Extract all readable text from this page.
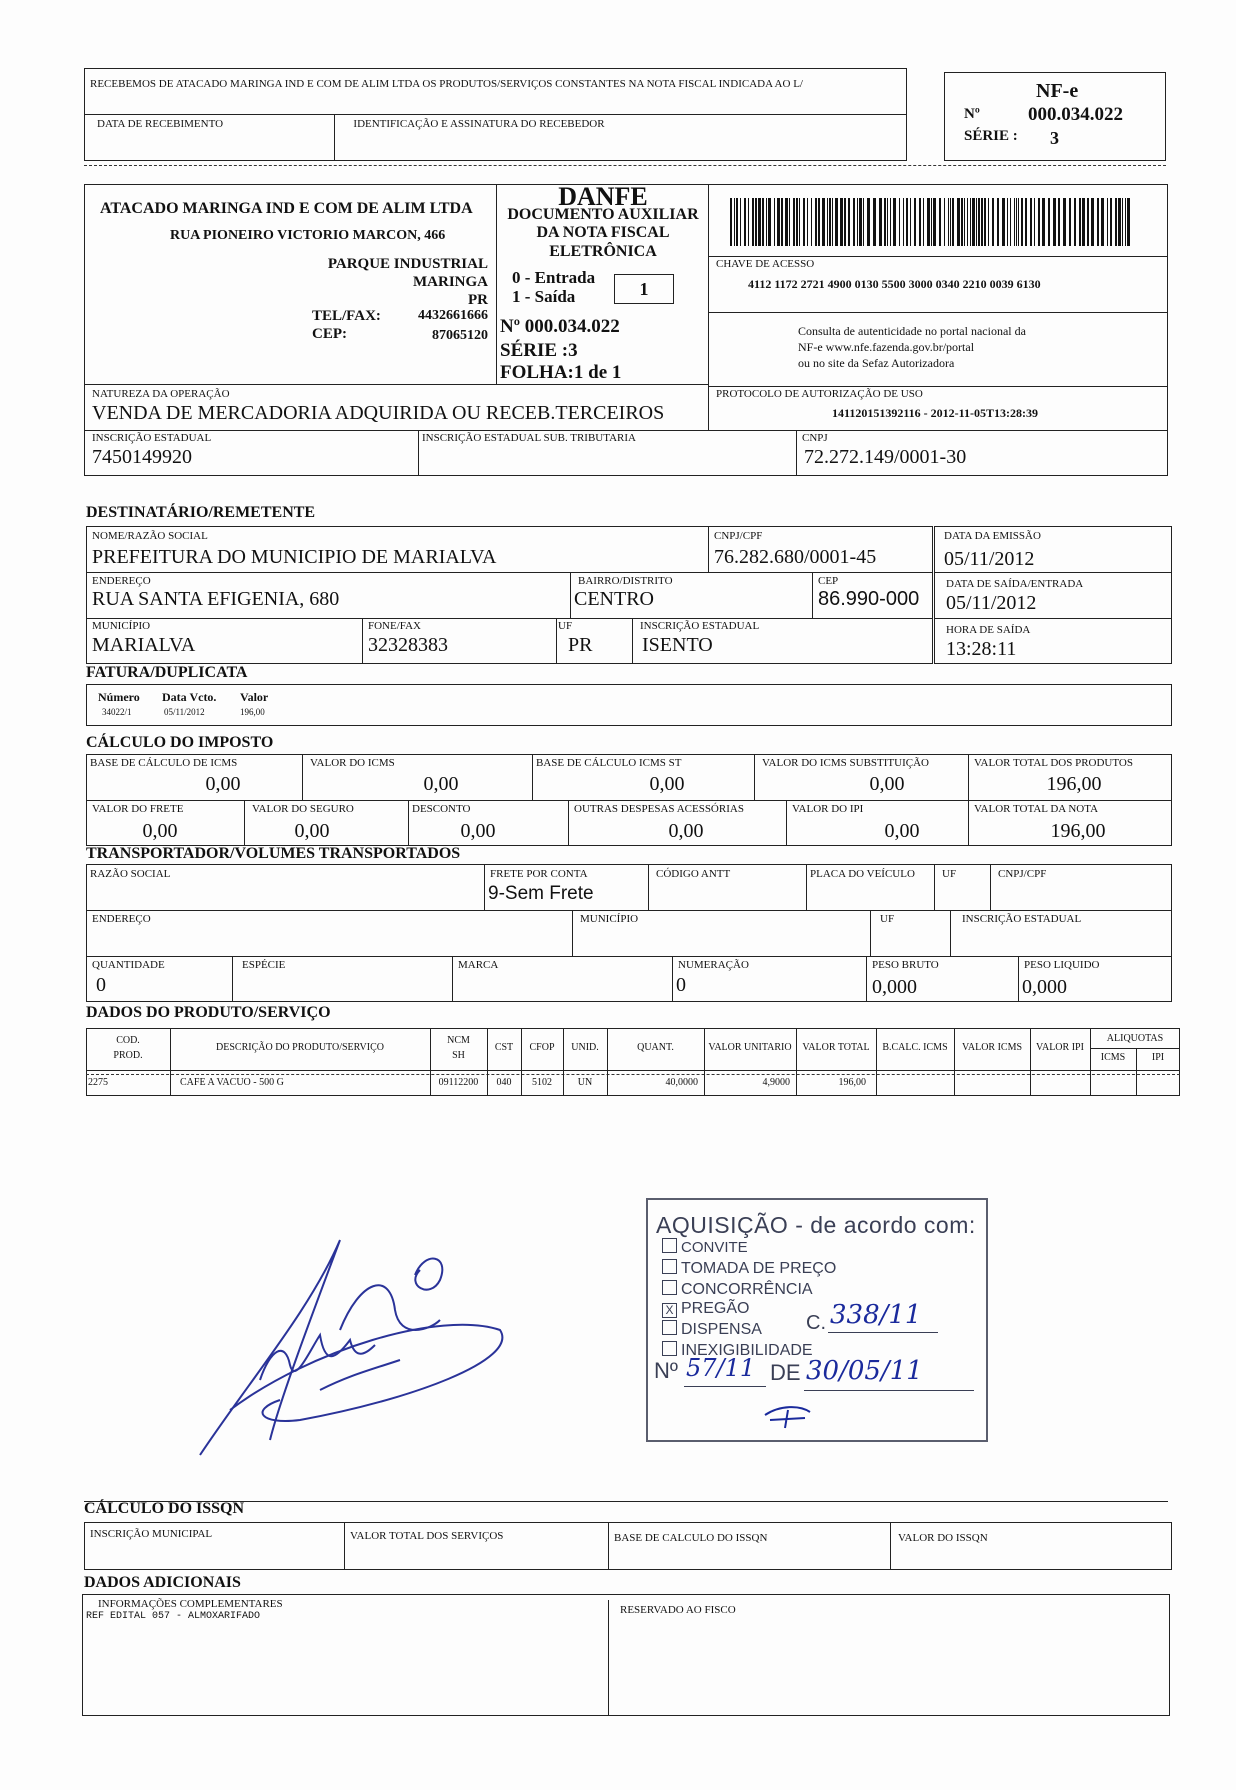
RECEBEMOS DE ATACADO MARINGA IND E COM DE ALIM LTDA OS PRODUTOS/SERVIÇOS CONSTANTES NA NOTA FISCAL INDICADA AO L/
DATA DE RECEBIMENTO	IDENTIFICAÇÃO E ASSINATURA DO RECEBEDOR
NF-e
Nº	000.034.022
SÉRIE : 3
ATACADO MARINGA IND E COM DE ALIM LTDA
RUA PIONEIRO VICTORIO MARCON, 466
PARQUE INDUSTRIAL
MARINGA
PR
TEL/FAX:	4432661666
CEP:	87065120
DANFE
DOCUMENTO AUXILIAR
DA NOTA FISCAL
ELETRÔNICA
0 - Entrada
1 - Saída	1
Nº 000.034.022
SÉRIE :3
FOLHA:1 de 1
CHAVE DE ACESSO
4112 1172 2721 4900 0130 5500 3000 0340 2210 0039 6130
Consulta de autenticidade no portal nacional da
NF-e www.nfe.fazenda.gov.br/portal
ou no site da Sefaz Autorizadora
PROTOCOLO DE AUTORIZAÇÃO DE USO
141120151392116 - 2012-11-05T13:28:39
NATUREZA DA OPERAÇÃO
VENDA DE MERCADORIA ADQUIRIDA OU RECEB.TERCEIROS
INSCRIÇÃO ESTADUAL
7450149920
INSCRIÇÃO ESTADUAL SUB. TRIBUTARIA	CNPJ
72.272.149/0001-30
DESTINATÁRIO/REMETENTE
NOME/RAZÃO SOCIAL
PREFEITURA DO MUNICIPIO DE MARIALVA
CNPJ/CPF
76.282.680/0001-45
DATA DA EMISSÃO
05/11/2012
ENDEREÇO
RUA SANTA EFIGENIA, 680
BAIRRO/DISTRITO
CENTRO
CEP
86.990-000
DATA DE SAÍDA/ENTRADA
05/11/2012
MUNICÍPIO
MARIALVA
FONE/FAX
32328383
UF
PR
INSCRIÇÃO ESTADUAL
ISENTO
HORA DE SAÍDA
13:28:11
FATURA/DUPLICATA
Número Data Vcto. Valor
34022/1	05/11/2012	196,00
CÁLCULO DO IMPOSTO
BASE DE CÁLCULO DE ICMS
0,00
VALOR DO ICMS
0,00
BASE DE CÁLCULO ICMS ST
0,00
VALOR DO ICMS SUBSTITUIÇÃO
0,00
VALOR TOTAL DOS PRODUTOS
196,00
VALOR DO FRETE
0,00
VALOR DO SEGURO
0,00
DESCONTO
0,00
OUTRAS DESPESAS ACESSÓRIAS
0,00
VALOR DO IPI
0,00
VALOR TOTAL DA NOTA
196,00
TRANSPORTADOR/VOLUMES TRANSPORTADOS
RAZÃO SOCIAL	FRETE POR CONTA
9-Sem Frete
CÓDIGO ANTT	PLACA DO VEÍCULO UF	CNPJ/CPF
ENDEREÇO	MUNICÍPIO	UF	INSCRIÇÃO ESTADUAL
QUANTIDADE
0
ESPÉCIE	MARCA	NUMERAÇÃO
0
PESO BRUTO
0,000
PESO LIQUIDO
0,000
DADOS DO PRODUTO/SERVIÇO
COD.
PROD.
DESCRIÇÃO DO PRODUTO/SERVIÇO
NCM
SH
CST	CFOP	UNID.	QUANT.	VALOR UNITARIO	VALOR TOTAL	B.CALC. ICMS	VALOR ICMS	VALOR IPI
ALIQUOTAS
ICMS	IPI
2275	CAFE A VACUO - 500 G	09112200	040	5102	UN	40,0000	4,9000	196,00
AQUISIÇÃO - de acordo com:
CONVITE
TOMADA DE PREÇO
CONCORRÊNCIA
X PREGÃO
DISPENSA
INEXIGIBILIDADE
C. 338/11
Nº 57/11 DE 30/05/11
CÁLCULO DO ISSQN
INSCRIÇÃO MUNICIPAL	VALOR TOTAL DOS SERVIÇOS	BASE DE CALCULO DO ISSQN	VALOR DO ISSQN
DADOS ADICIONAIS
INFORMAÇÕES COMPLEMENTARES
REF EDITAL 057 - ALMOXARIFADO
RESERVADO AO FISCO
